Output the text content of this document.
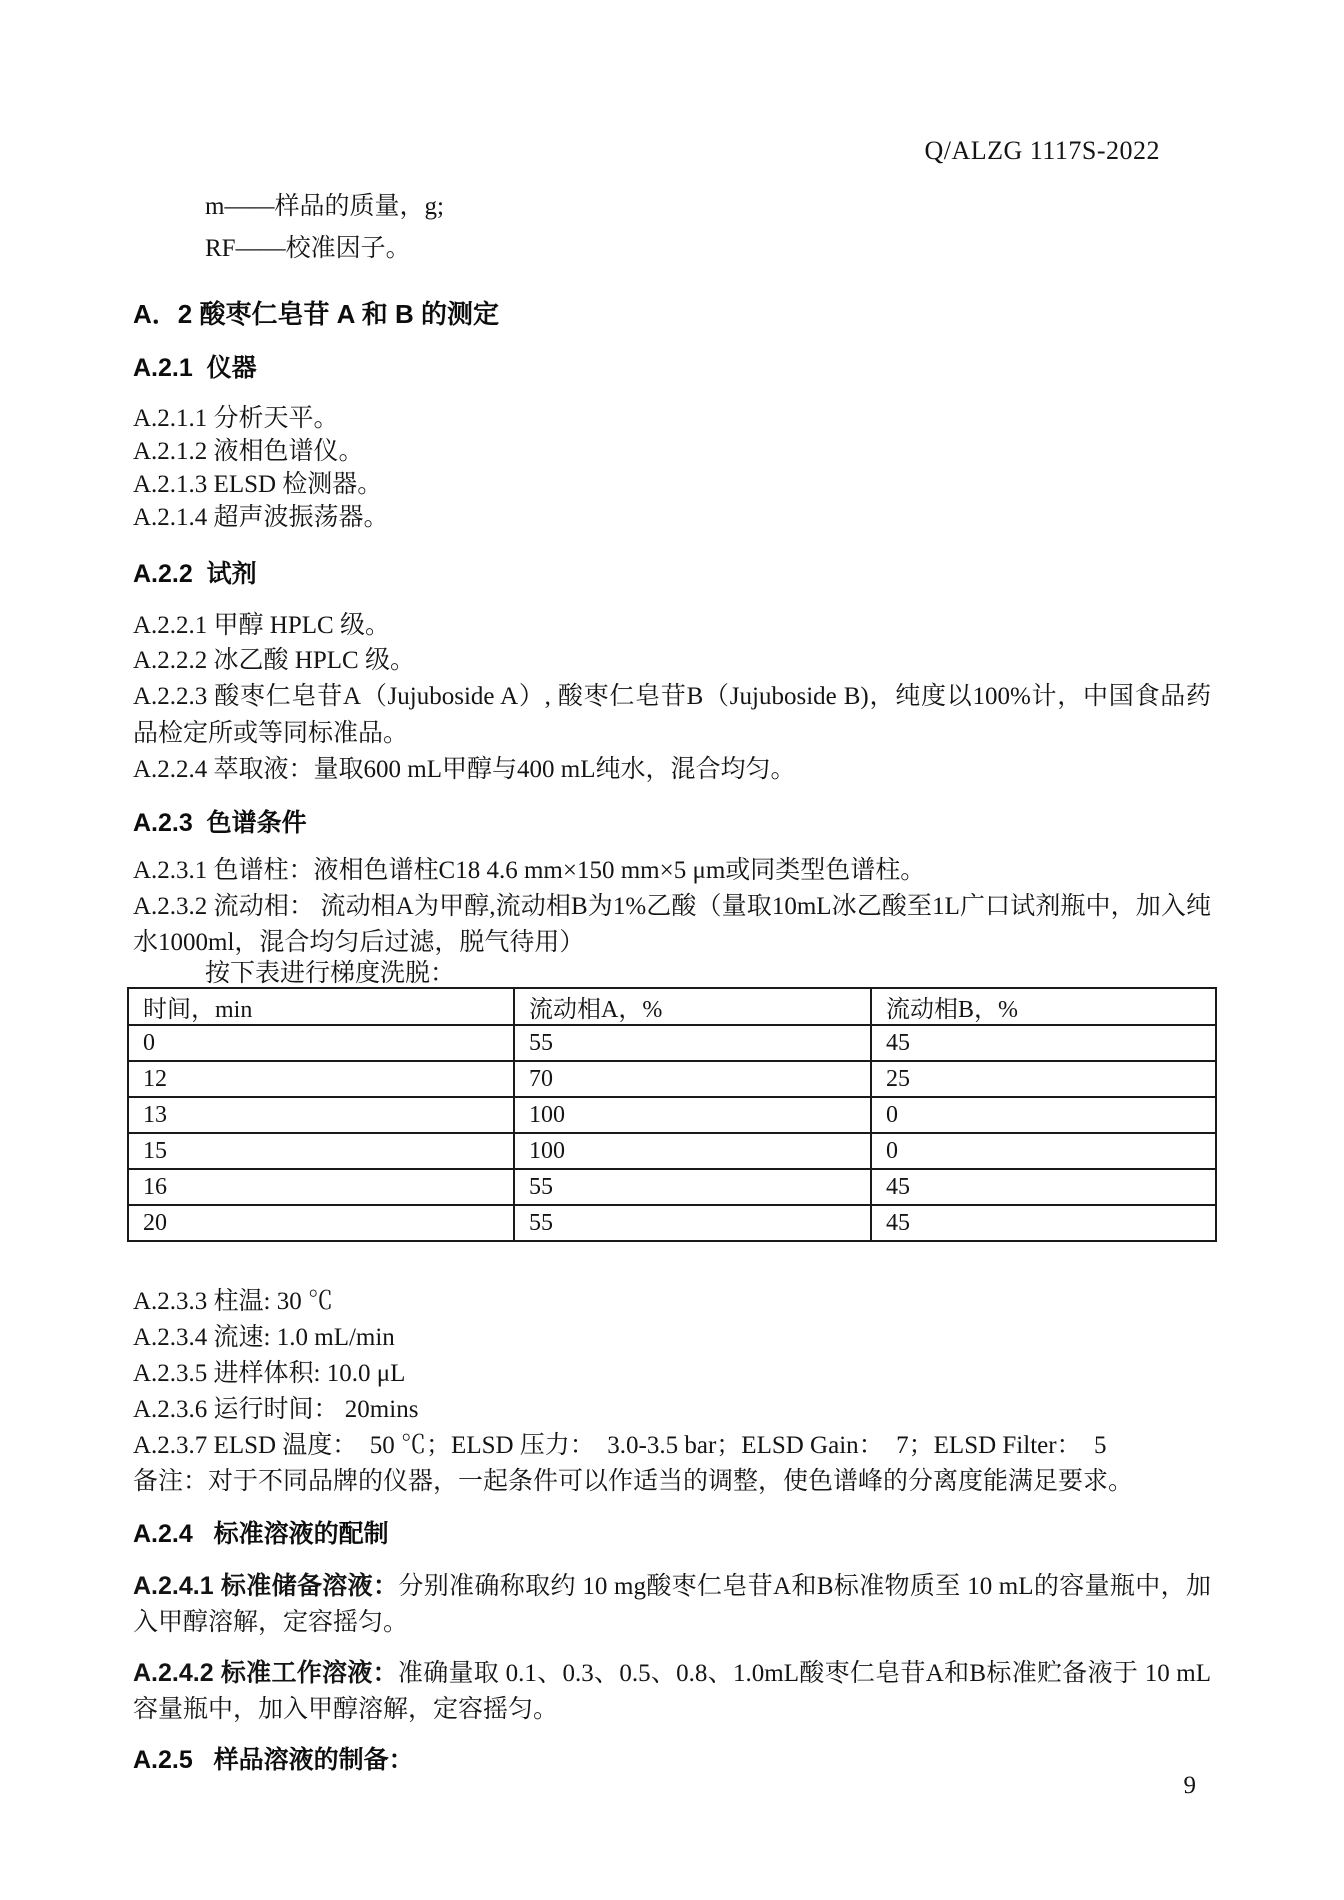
Q/ALZG 1117S-2022
m——样品的质量，g;
RF——校准因子。
A．2 酸枣仁皂苷 A 和 B 的测定
A.2.1  仪器
A.2.1.1 分析天平。
A.2.1.2 液相色谱仪。
A.2.1.3 ELSD 检测器。
A.2.1.4 超声波振荡器。
A.2.2  试剂
A.2.2.1 甲醇 HPLC 级。
A.2.2.2 冰乙酸 HPLC 级。
A.2.2.3 酸枣仁皂苷A（Jujuboside A）, 酸枣仁皂苷B（Jujuboside B)，纯度以100%计，中国食品药品检定所或等同标准品。
A.2.2.4 萃取液：量取600 mL甲醇与400 mL纯水，混合均匀。
A.2.3  色谱条件
A.2.3.1 色谱柱：液相色谱柱C18 4.6 mm×150 mm×5 μm或同类型色谱柱。
A.2.3.2 流动相： 流动相A为甲醇,流动相B为1%乙酸（量取10mL冰乙酸至1L广口试剂瓶中，加入纯水1000ml，混合均匀后过滤，脱气待用）
按下表进行梯度洗脱：
时间，min	流动相A，%	流动相B，%
0	55	45
12	70	25
13	100	0
15	100	0
16	55	45
20	55	45
A.2.3.3 柱温: 30 ℃
A.2.3.4 流速: 1.0 mL/min
A.2.3.5 进样体积: 10.0 μL
A.2.3.6 运行时间： 20mins
A.2.3.7 ELSD 温度：  50 ℃；ELSD 压力：  3.0-3.5 bar；ELSD Gain：  7；ELSD Filter：  5
备注：对于不同品牌的仪器，一起条件可以作适当的调整，使色谱峰的分离度能满足要求。
A.2.4   标准溶液的配制
A.2.4.1 标准储备溶液：分别准确称取约 10 mg酸枣仁皂苷A和B标准物质至 10 mL的容量瓶中，加入甲醇溶解，定容摇匀。
A.2.4.2 标准工作溶液：准确量取 0.1、0.3、0.5、0.8、1.0mL酸枣仁皂苷A和B标准贮备液于 10 mL容量瓶中，加入甲醇溶解，定容摇匀。
A.2.5   样品溶液的制备：
9
